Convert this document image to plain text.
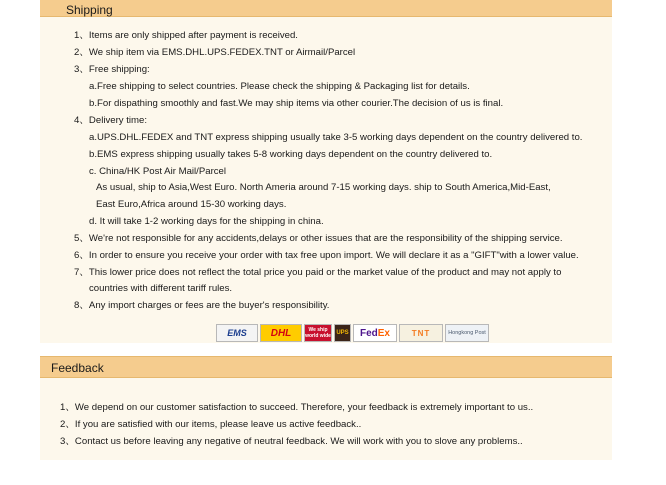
Shipping
1、Items are only shipped after payment is received.
2、We ship item via EMS.DHL.UPS.FEDEX.TNT or Airmail/Parcel
3、Free shipping:
a.Free shipping to select countries. Please check the shipping & Packaging list for details.
b.For dispathing smoothly and fast.We may ship items via other courier.The decision of us is final.
4、Delivery time:
a.UPS.DHL.FEDEX and TNT express shipping usually take 3-5 working days dependent on the country delivered to.
b.EMS express shipping usually takes 5-8 working days dependent on the country delivered to.
c. China/HK Post Air Mail/Parcel
As usual, ship to Asia,West Euro. North Ameria around 7-15 working days. ship to South America,Mid-East,
East Euro,Africa around 15-30 working days.
d. It will take 1-2 working days for the shipping in china.
5、We're not responsible for any accidents,delays or other issues that are the responsibility of the shipping service.
6、In order to ensure you receive your order with tax free upon import. We will declare it as a "GIFT"with a lower value.
7、This lower price does not reflect the total price you paid or the market value of the product and may not apply to
countries with different tariff rules.
8、Any import charges or fees are the buyer's responsibility.
EMS	DHL	We ship world wide UPS Fed Ex	TNT	Hongkong Post
Feedback
1、We depend on our customer satisfaction to succeed. Therefore, your feedback is extremely important to us..
2、If you are satisfied with our items, please leave us active feedback..
3、Contact us before leaving any negative of neutral feedback. We will work with you to slove any problems..
